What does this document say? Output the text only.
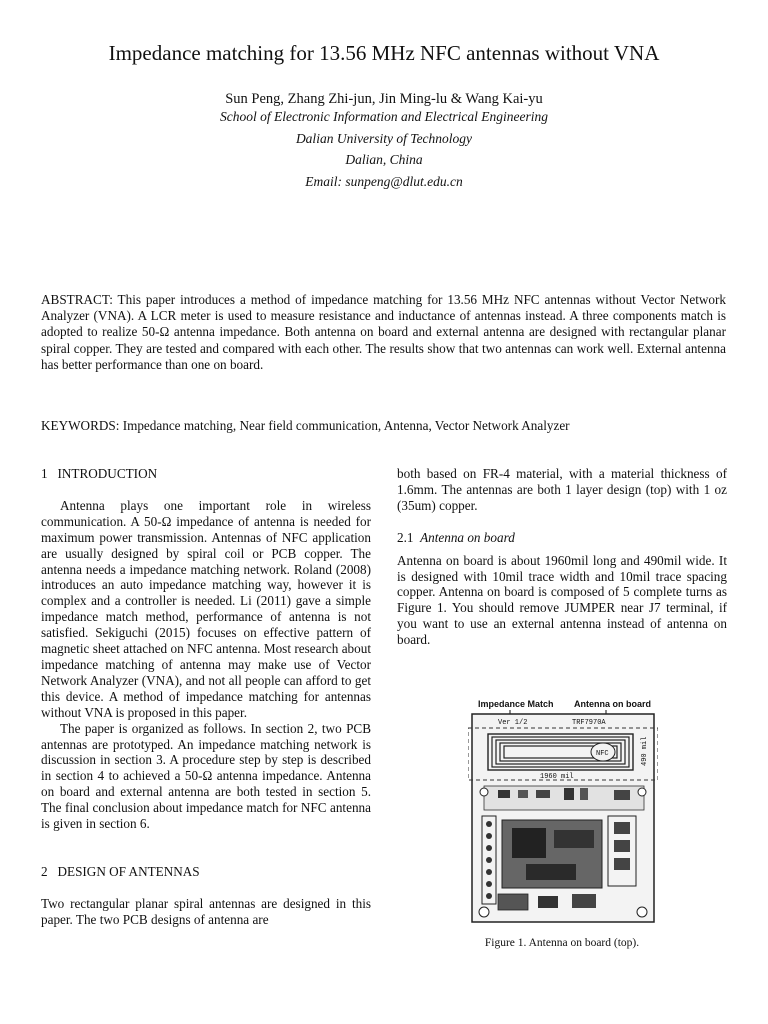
Impedance matching for 13.56 MHz NFC antennas without VNA
Sun Peng, Zhang Zhi-jun, Jin Ming-lu & Wang Kai-yu
School of Electronic Information and Electrical Engineering
Dalian University of Technology
Dalian, China
Email: sunpeng@dlut.edu.cn
ABSTRACT: This paper introduces a method of impedance matching for 13.56 MHz NFC antennas without Vector Network Analyzer (VNA). A LCR meter is used to measure resistance and inductance of antennas instead. A three components match is adopted to realize 50-Ω antenna impedance. Both antenna on board and external antenna are designed with rectangular planar spiral copper. They are tested and compared with each other. The results show that two antennas can work well. External antenna has better performance than one on board.
KEYWORDS: Impedance matching, Near field communication, Antenna, Vector Network Analyzer
1 INTRODUCTION

Antenna plays one important role in wireless communication. A 50-Ω impedance of antenna is needed for maximum power transmission. Antennas of NFC application are usually designed by spiral coil or PCB copper. The antenna needs a impedance matching network. Roland (2008) introduces an auto impedance matching way, however it is complex and a controller is needed. Li (2011) gave a simple impedance match method, performance of antenna is not satisfied. Sekiguchi (2015) focuses on effective pattern of magnetic sheet attached on NFC antenna. Most research about impedance matching of antenna may make use of Vector Network Analyzer (VNA), and not all people can afford to get this device. A method of impedance matching for antennas without VNA is proposed in this paper.

The paper is organized as follows. In section 2, two PCB antennas are prototyped. An impedance matching network is discussion in section 3. A procedure step by step is described in section 4 to achieved a 50-Ω antenna impedance. Antenna on board and external antenna are both tested in section 5. The final conclusion about impedance match for NFC antenna is given in section 6.

2 DESIGN OF ANTENNAS

Two rectangular planar spiral antennas are designed in this paper. The two PCB designs of antenna are

both based on FR-4 material, with a material thickness of 1.6mm. The antennas are both 1 layer design (top) with 1 oz (35um) copper.

2.1 Antenna on board

Antenna on board is about 1960mil long and 490mil wide. It is designed with 10mil trace width and 10mil trace spacing copper. Antenna on board is composed of 5 complete turns as Figure 1. You should remove JUMPER near J7 terminal, if you want to use an external antenna instead of antenna on board.

Impedance Match Antenna on board
Ver 1/2	TRF7970A
NFC
1960 mil
490 mil
Figure 1. Antenna on board (top).
